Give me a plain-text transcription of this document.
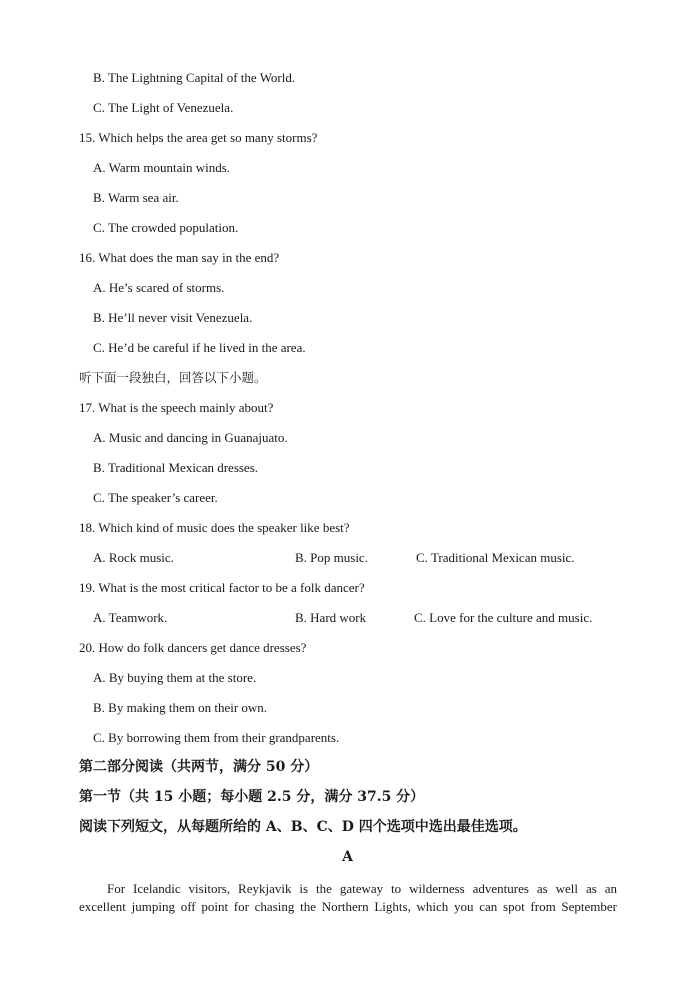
B. The Lightning Capital of the World.
C. The Light of Venezuela.
15. Which helps the area get so many storms?
A. Warm mountain winds.
B. Warm sea air.
C. The crowded population.
16. What does the man say in the end?
A. He’s scared of storms.
B. He’ll never visit Venezuela.
C. He’d be careful if he lived in the area.
听下面一段独白，回答以下小题。
17. What is the speech mainly about?
A. Music and dancing in Guanajuato.
B. Traditional Mexican dresses.
C. The speaker’s career.
18. Which kind of music does the speaker like best?
A. Rock music.	B. Pop music.	C. Traditional Mexican music.
19. What is the most critical factor to be a folk dancer?
A. Teamwork.	B. Hard work	C. Love for the culture and music.
20. How do folk dancers get dance dresses?
A. By buying them at the store.
B. By making them on their own.
C. By borrowing them from their grandparents.
第二部分阅读（共两节，满分 50 分）
第一节（共 15 小题；每小题 2.5 分，满分 37.5 分）
阅读下列短文，从每题所给的 A、B、C、D 四个选项中选出最佳选项。
A
For Icelandic visitors, Reykjavik is the gateway to wilderness adventures as well as an
excellent jumping off point for chasing the Northern Lights, which you can spot from September
